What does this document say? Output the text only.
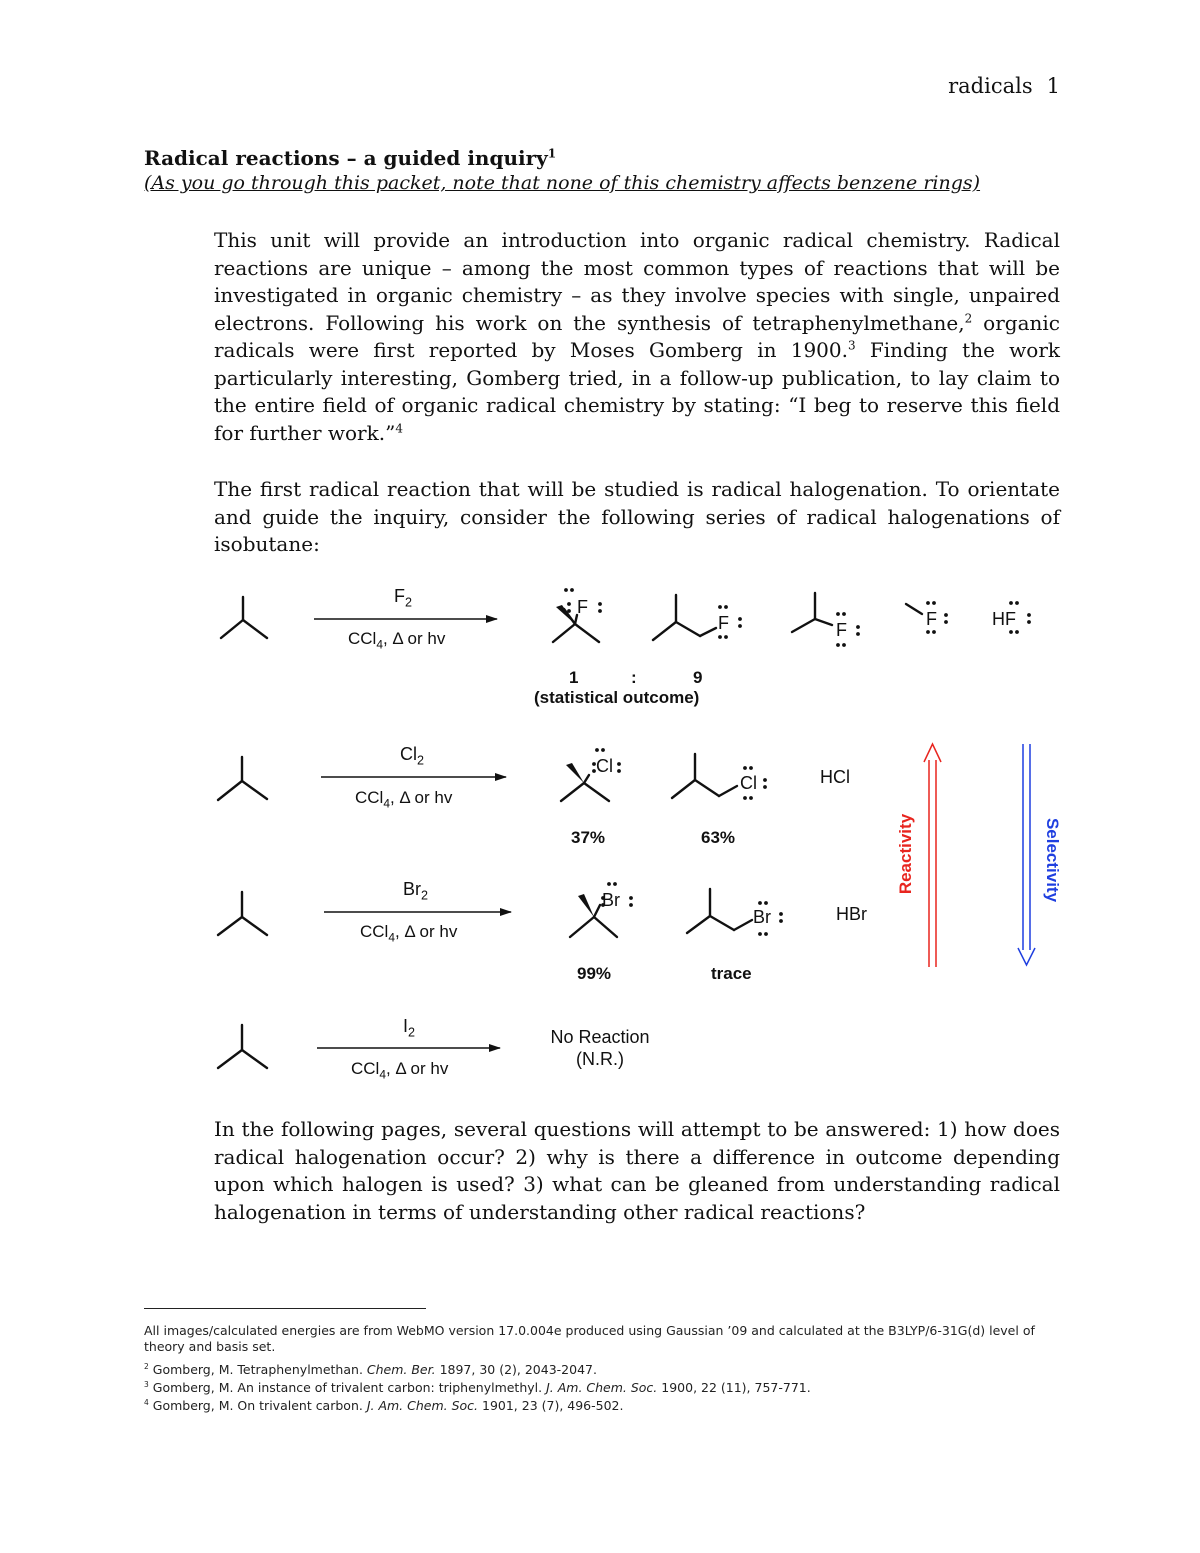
radicals 1
Radical reactions – a guided inquiry$^1$
(As you go through this packet, note that none of this chemistry affects benzene rings)
This unit will provide an introduction into organic radical chemistry. Radical reactions are unique – among the most common types of reactions that will be investigated in organic chemistry – as they involve species with single, unpaired electrons. Following his work on the synthesis of tetraphenylmethane,$^2$ organic radicals were first reported by Moses Gomberg in 1900.$^3$ Finding the work particularly interesting, Gomberg tried, in a follow-up publication, to lay claim to the entire field of organic radical chemistry by stating: “I beg to reserve this field for further work.”$^4$
The first radical reaction that will be studied is radical halogenation. To orientate and guide the inquiry, consider the following series of radical halogenations of isobutane:
$F_2$
CCl$_4$, Δ or hv
F
F	F
F	HF
1	:	9
(statistical outcome)
$Cl_2$
CCl$_4$, Δ or hv
Cl
Cl	HCl
37%	63%
$Br_2$
CCl$_4$, Δ or hv
Br
Br	HBr
99%	trace
$I_2$
CCl$_4$, Δ or hv
No Reaction
(N.R.)
Reactivity	Selectivity
In the following pages, several questions will attempt to be answered: 1) how does radical halogenation occur? 2) why is there a difference in outcome depending upon which halogen is used? 3) what can be gleaned from understanding radical halogenation in terms of understanding other radical reactions?
All images/calculated energies are from WebMO version 17.0.004e produced using Gaussian ’09 and calculated at the B3LYP/6-31G(d) level of theory and basis set.
$^2$ Gomberg, M. Tetraphenylmethan. Chem. Ber. 1897, 30 (2), 2043-2047.
$^3$ Gomberg, M. An instance of trivalent carbon: triphenylmethyl. J. Am. Chem. Soc. 1900, 22 (11), 757-771.
$^4$ Gomberg, M. On trivalent carbon. J. Am. Chem. Soc. 1901, 23 (7), 496-502.
